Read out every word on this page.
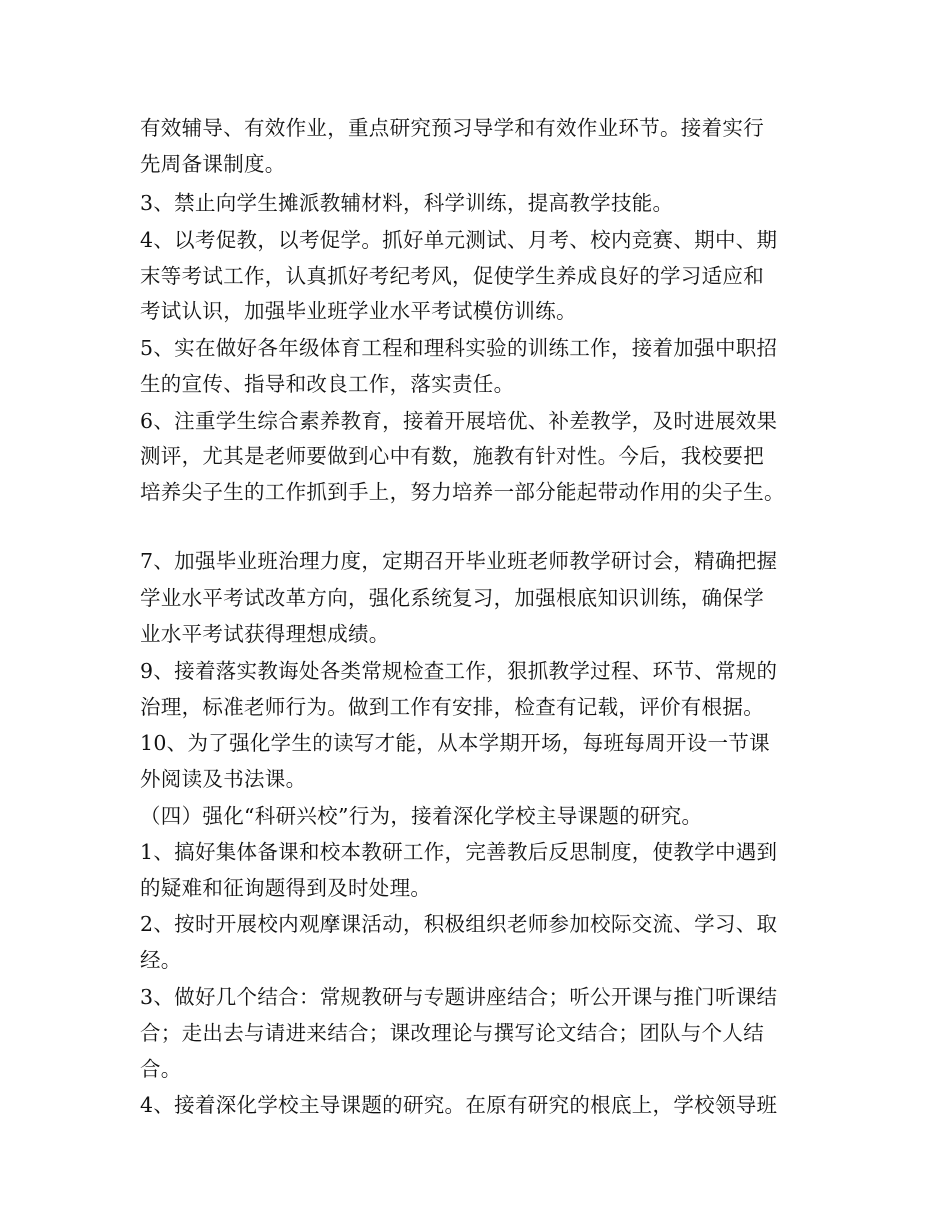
有效辅导、有效作业，重点研究预习导学和有效作业环节。接着实行
先周备课制度。
3、禁止向学生摊派教辅材料，科学训练，提高教学技能。
4、以考促教，以考促学。抓好单元测试、月考、校内竞赛、期中、期
末等考试工作，认真抓好考纪考风，促使学生养成良好的学习适应和
考试认识，加强毕业班学业水平考试模仿训练。
5、实在做好各年级体育工程和理科实验的训练工作，接着加强中职招
生的宣传、指导和改良工作，落实责任。
6、注重学生综合素养教育，接着开展培优、补差教学，及时进展效果
测评，尤其是老师要做到心中有数，施教有针对性。今后，我校要把
培养尖子生的工作抓到手上，努力培养一部分能起带动作用的尖子生。
7、加强毕业班治理力度，定期召开毕业班老师教学研讨会，精确把握
学业水平考试改革方向，强化系统复习，加强根底知识训练，确保学
业水平考试获得理想成绩。
9、接着落实教诲处各类常规检查工作，狠抓教学过程、环节、常规的
治理，标准老师行为。做到工作有安排，检查有记载，评价有根据。
10、为了强化学生的读写才能，从本学期开场，每班每周开设一节课
外阅读及书法课。
（四）强化“科研兴校”行为，接着深化学校主导课题的研究。
1、搞好集体备课和校本教研工作，完善教后反思制度，使教学中遇到
的疑难和征询题得到及时处理。
2、按时开展校内观摩课活动，积极组织老师参加校际交流、学习、取
经。
3、做好几个结合：常规教研与专题讲座结合；听公开课与推门听课结
合；走出去与请进来结合；课改理论与撰写论文结合；团队与个人结
合。
4、接着深化学校主导课题的研究。在原有研究的根底上，学校领导班
